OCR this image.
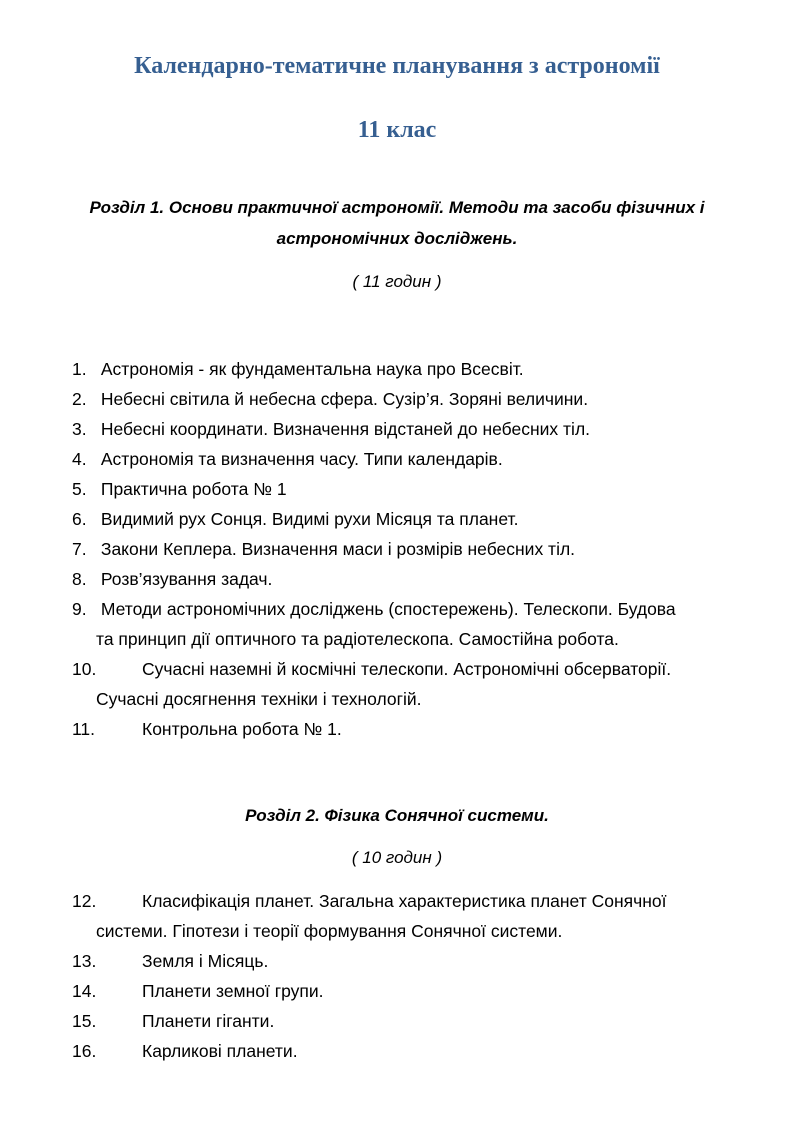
Календарно-тематичне планування з астрономії
11 клас

Розділ 1. Основи практичної астрономії. Методи та засоби фізичних і
астрономічних досліджень.

( 11 годин )

1. Астрономія - як фундаментальна наука про Всесвіт.
2. Небесні світила й небесна сфера. Сузір’я. Зоряні величини.
3. Небесні координати. Визначення відстаней до небесних тіл.
4. Астрономія та визначення часу. Типи календарів.
5. Практична робота № 1
6. Видимий рух Сонця. Видимі рухи Місяця та планет.
7. Закони Кеплера. Визначення маси і розмірів небесних тіл.
8. Розв’язування задач.
9. Методи астрономічних досліджень (спостережень). Телескопи. Будова
та принцип дії оптичного та радіотелескопа. Самостійна робота.
10.	Сучасні наземні й космічні телескопи. Астрономічні обсерваторії.
Сучасні досягнення техніки і технологій.
11.	Контрольна робота № 1.

Розділ 2. Фізика Сонячної системи.

( 10 годин )

12.	Класифікація планет. Загальна характеристика планет Сонячної
системи. Гіпотези і теорії формування Сонячної системи.
13.	Земля і Місяць.
14.	Планети земної групи.
15.	Планети гіганти.
16.	Карликові планети.
